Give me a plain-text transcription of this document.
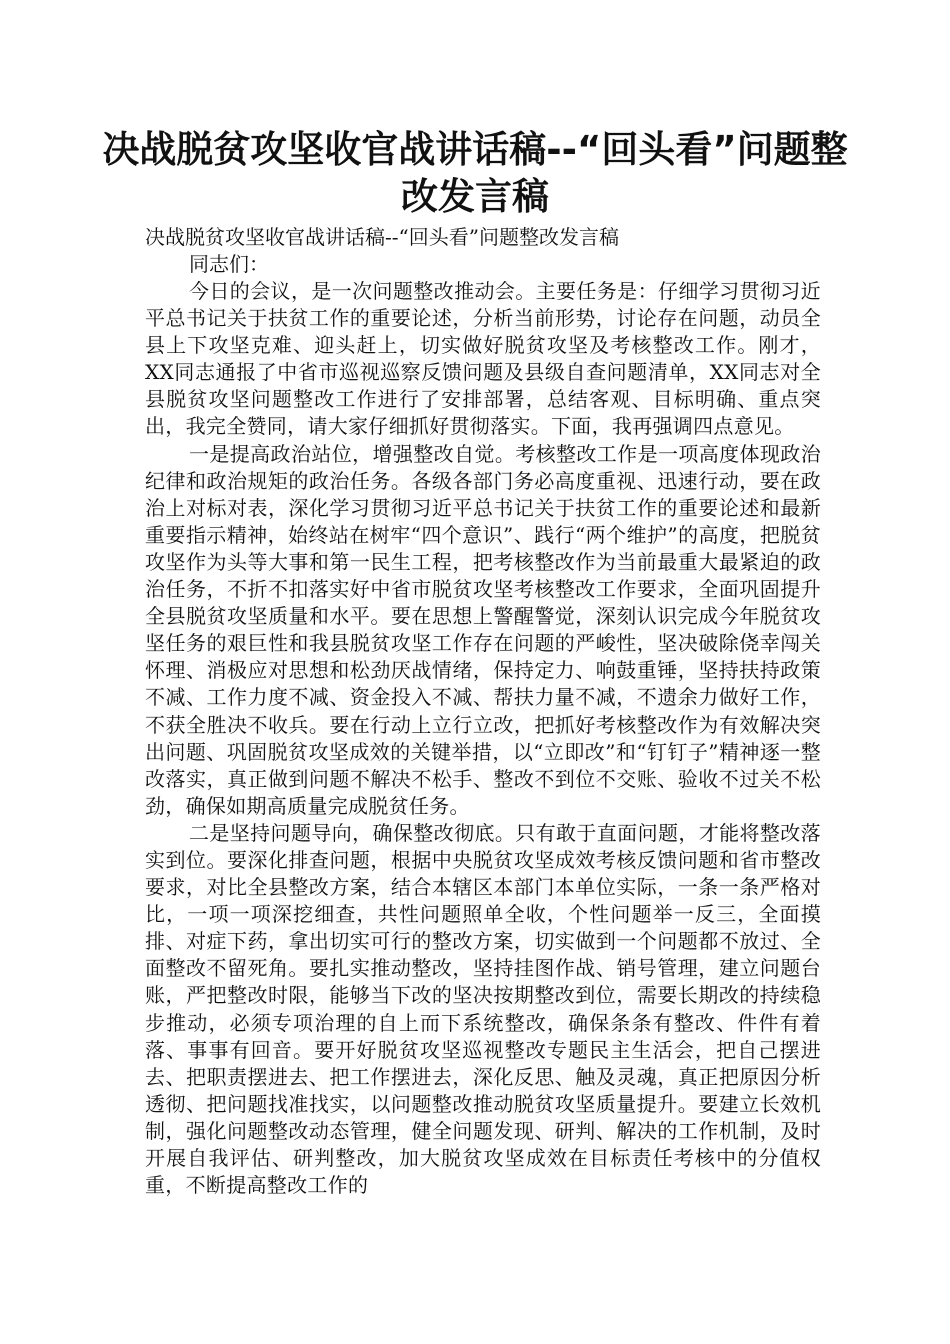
决战脱贫攻坚收官战讲话稿--“回头看”问题整改发言稿

决战脱贫攻坚收官战讲话稿--“回头看”问题整改发言稿

同志们：

今日的会议，是一次问题整改推动会。主要任务是：仔细学习贯彻习近平总书记关于扶贫工作的重要论述，分析当前形势，讨论存在问题，动员全县上下攻坚克难、迎头赶上，切实做好脱贫攻坚及考核整改工作。刚才，XX同志通报了中省市巡视巡察反馈问题及县级自查问题清单，XX同志对全县脱贫攻坚问题整改工作进行了安排部署，总结客观、目标明确、重点突出，我完全赞同，请大家仔细抓好贯彻落实。下面，我再强调四点意见。

一是提高政治站位，增强整改自觉。考核整改工作是一项高度体现政治纪律和政治规矩的政治任务。各级各部门务必高度重视、迅速行动，要在政治上对标对表，深化学习贯彻习近平总书记关于扶贫工作的重要论述和最新重要指示精神，始终站在树牢“四个意识”、践行“两个维护”的高度，把脱贫攻坚作为头等大事和第一民生工程，把考核整改作为当前最重大最紧迫的政治任务，不折不扣落实好中省市脱贫攻坚考核整改工作要求，全面巩固提升全县脱贫攻坚质量和水平。要在思想上警醒警觉，深刻认识完成今年脱贫攻坚任务的艰巨性和我县脱贫攻坚工作存在问题的严峻性，坚决破除侥幸闯关怀理、消极应对思想和松劲厌战情绪，保持定力、响鼓重锤，坚持扶持政策不减、工作力度不减、资金投入不减、帮扶力量不减，不遗余力做好工作，不获全胜决不收兵。要在行动上立行立改，把抓好考核整改作为有效解决突出问题、巩固脱贫攻坚成效的关键举措，以“立即改”和“钉钉子”精神逐一整改落实，真正做到问题不解决不松手、整改不到位不交账、验收不过关不松劲，确保如期高质量完成脱贫任务。

二是坚持问题导向，确保整改彻底。只有敢于直面问题，才能将整改落实到位。要深化排查问题，根据中央脱贫攻坚成效考核反馈问题和省市整改要求，对比全县整改方案，结合本辖区本部门本单位实际，一条一条严格对比，一项一项深挖细查，共性问题照单全收，个性问题举一反三，全面摸排、对症下药，拿出切实可行的整改方案，切实做到一个问题都不放过、全面整改不留死角。要扎实推动整改，坚持挂图作战、销号管理，建立问题台账，严把整改时限，能够当下改的坚决按期整改到位，需要长期改的持续稳步推动，必须专项治理的自上而下系统整改，确保条条有整改、件件有着落、事事有回音。要开好脱贫攻坚巡视整改专题民主生活会，把自己摆进去、把职责摆进去、把工作摆进去，深化反思、触及灵魂，真正把原因分析透彻、把问题找准找实，以问题整改推动脱贫攻坚质量提升。要建立长效机制，强化问题整改动态管理，健全问题发现、研判、解决的工作机制，及时开展自我评估、研判整改，加大脱贫攻坚成效在目标责任考核中的分值权重，不断提高整改工作的
